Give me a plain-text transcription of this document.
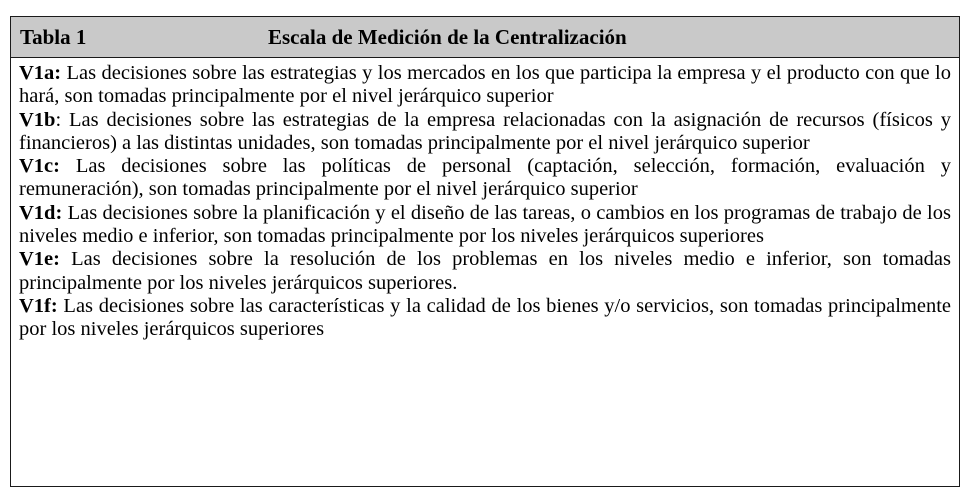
Tabla 1	Escala de Medición de la Centralización

V1a: Las decisiones sobre las estrategias y los mercados en los que participa la empresa y el producto con que lo hará, son tomadas principalmente por el nivel jerárquico superior

V1b: Las decisiones sobre las estrategias de la empresa relacionadas con la asignación de recursos (físicos y financieros) a las distintas unidades, son tomadas principalmente por el nivel jerárquico superior

V1c: Las decisiones sobre las políticas de personal (captación, selección, formación, evaluación y remuneración), son tomadas principalmente por el nivel jerárquico superior

V1d: Las decisiones sobre la planificación y el diseño de las tareas, o cambios en los programas de trabajo de los niveles medio e inferior, son tomadas principalmente por los niveles jerárquicos superiores

V1e: Las decisiones sobre la resolución de los problemas en los niveles medio e inferior, son tomadas principalmente por los niveles jerárquicos superiores.

V1f: Las decisiones sobre las características y la calidad de los bienes y/o servicios, son tomadas principalmente por los niveles jerárquicos superiores
